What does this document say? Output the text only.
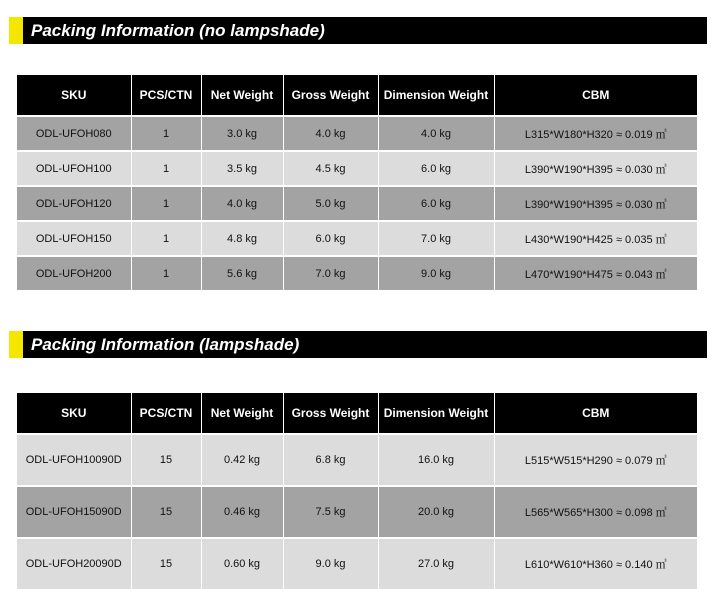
Packing Information (no lampshade)
SKU	PCS/CTN	Net Weight	Gross Weight	Dimension Weight	CBM
ODL-UFOH080	1	3.0 kg	4.0 kg	4.0 kg	L315*W180*H320 ≈ 0.019 ㎥
ODL-UFOH100	1	3.5 kg	4.5 kg	6.0 kg	L390*W190*H395 ≈ 0.030 ㎥
ODL-UFOH120	1	4.0 kg	5.0 kg	6.0 kg	L390*W190*H395 ≈ 0.030 ㎥
ODL-UFOH150	1	4.8 kg	6.0 kg	7.0 kg	L430*W190*H425 ≈ 0.035 ㎥
ODL-UFOH200	1	5.6 kg	7.0 kg	9.0 kg	L470*W190*H475 ≈ 0.043 ㎥
Packing Information (lampshade)
SKU	PCS/CTN	Net Weight	Gross Weight	Dimension Weight	CBM
ODL-UFOH10090D	15	0.42 kg	6.8 kg	16.0 kg	L515*W515*H290 ≈ 0.079 ㎥
ODL-UFOH15090D	15	0.46 kg	7.5 kg	20.0 kg	L565*W565*H300 ≈ 0.098 ㎥
ODL-UFOH20090D	15	0.60 kg	9.0 kg	27.0 kg	L610*W610*H360 ≈ 0.140 ㎥
